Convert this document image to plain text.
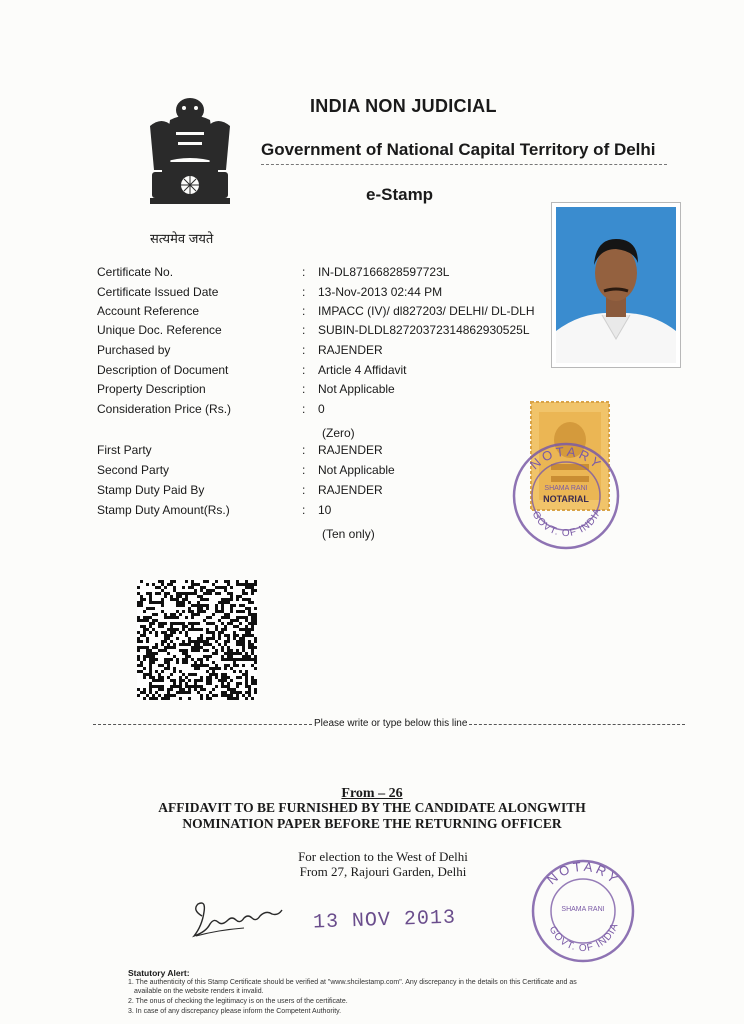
INDIA NON JUDICIAL
Government of National Capital Territory of Delhi
e-Stamp
सत्यमेव जयते
Certificate No.	: IN-DL87166828597723L
Certificate Issued Date	: 13-Nov-2013 02:44 PM
Account Reference	: IMPACC (IV)/ dl827203/ DELHI/ DL-DLH
Unique Doc. Reference	: SUBIN-DLDL82720372314862930525L
Purchased by	: RAJENDER
Description of Document	: Article 4 Affidavit
Property Description	: Not Applicable
Consideration Price (Rs.)	: 0
(Zero)
First Party	: RAJENDER
Second Party	: Not Applicable
Stamp Duty Paid By	: RAJENDER
Stamp Duty Amount(Rs.)	: 10
(Ten only)
NOTARY
GOVT. OF INDIA
SHAMA RANI
NOTARIAL
Please write or type below this line
From – 26
AFFIDAVIT TO BE FURNISHED BY THE CANDIDATE ALONGWITH
NOMINATION PAPER BEFORE THE RETURNING OFFICER
For election to the West of Delhi
From 27, Rajouri Garden, Delhi
13 NOV 2013
NOTARY
GOVT. OF INDIA
SHAMA RANI
Statutory Alert:
1. The authenticity of this Stamp Certificate should be verified at "www.shcilestamp.com". Any discrepancy in the details on this Certificate and as
available on the website renders it invalid.
2. The onus of checking the legitimacy is on the users of the certificate.
3. In case of any discrepancy please inform the Competent Authority.
